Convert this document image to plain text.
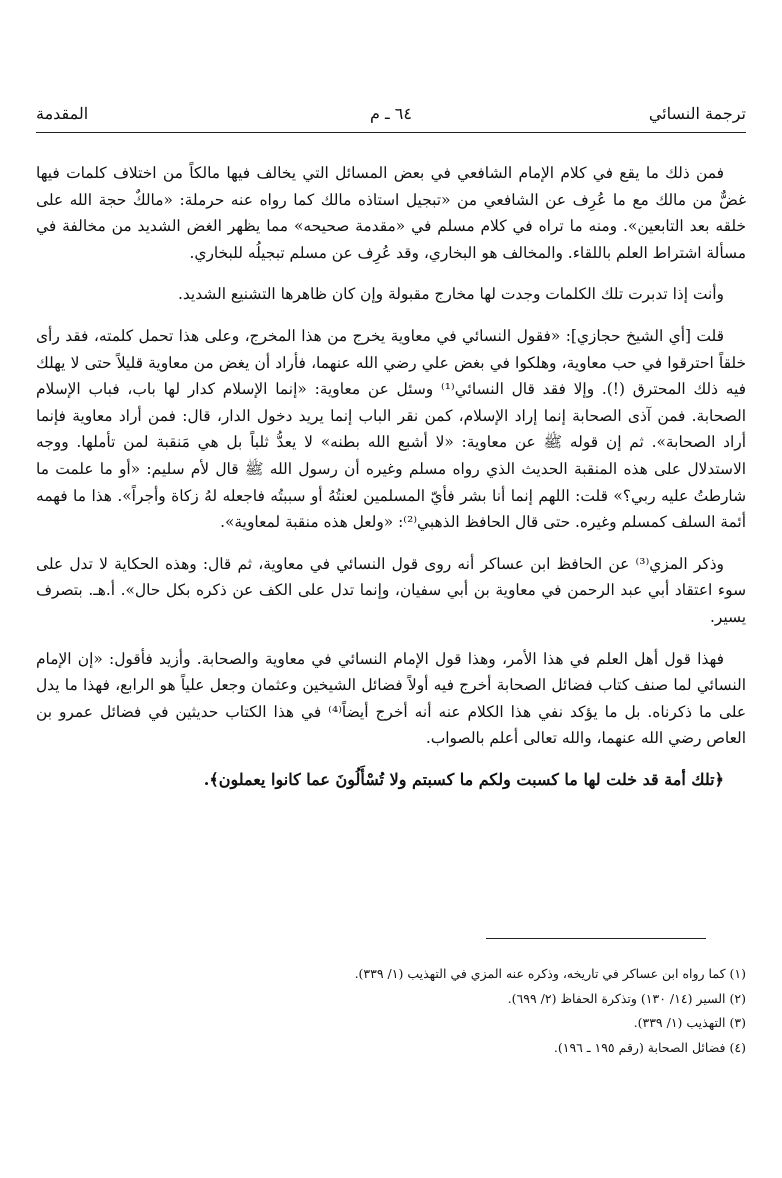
ترجمة النسائي
٦٤ ـ م
المقدمة

فمن ذلك ما يقع في كلام الإمام الشافعي في بعض المسائل التي يخالف فيها مالكاً من اختلاف كلمات فيها غضٌّ من مالك مع ما عُرِف عن الشافعي من «تبجيل استاذه مالك كما رواه عنه حرملة: «مالكٌ حجة الله على خلقه بعد التابعين». ومنه ما تراه في كلام مسلم في «مقدمة صحيحه» مما يظهر الغض الشديد من مخالفة في مسألة اشتراط العلم باللقاء. والمخالف هو البخاري، وقد عُرِف عن مسلم تبجيلُه للبخاري.

وأنت إذا تدبرت تلك الكلمات وجدت لها مخارج مقبولة وإن كان ظاهرها التشنيع الشديد.

قلت [أي الشيخ حجازي]: «فقول النسائي في معاوية يخرج من هذا المخرج، وعلى هذا تحمل كلمته، فقد رأى خلقاً احترقوا في حب معاوية، وهلكوا في بغض علي رضي الله عنهما، فأراد أن يغض من معاوية قليلاً حتى لا يهلك فيه ذلك المحترق (!). وإلا فقد قال النسائي⁽¹⁾ وسئل عن معاوية: «إنما الإسلام كدار لها باب، فباب الإسلام الصحابة. فمن آذى الصحابة إنما إراد الإسلام، كمن نقر الباب إنما يريد دخول الدار، قال: فمن أراد معاوية فإنما أراد الصحابة». ثم إن قوله ﷺ عن معاوية: «لا أشبع الله بطنه» لا يعدُّ ثلباً بل هي مَنقبة لمن تأملها. ووجه الاستدلال على هذه المنقبة الحديث الذي رواه مسلم وغيره أن رسول الله ﷺ قال لأم سليم: «أو ما علمت ما شارطتُ عليه ربي؟» قلت: اللهم إنما أنا بشر فأيّ المسلمين لعنتُهُ أو سببتُه فاجعله لهُ زكاة وأجراً». هذا ما فهمه أئمة السلف كمسلم وغيره. حتى قال الحافظ الذهبي⁽²⁾: «ولعل هذه منقبة لمعاوية».

وذكر المزي⁽³⁾ عن الحافظ ابن عساكر أنه روى قول النسائي في معاوية، ثم قال: وهذه الحكاية لا تدل على سوء اعتقاد أبي عبد الرحمن في معاوية بن أبي سفيان، وإنما تدل على الكف عن ذكره بكل حال». أ.هـ. بتصرف يسير.

فهذا قول أهل العلم في هذا الأمر، وهذا قول الإمام النسائي في معاوية والصحابة. وأزيد فأقول: «إن الإمام النسائي لما صنف كتاب فضائل الصحابة أخرج فيه أولاً فضائل الشيخين وعثمان وجعل علياً هو الرابع، فهذا ما يدل على ما ذكرناه. بل ما يؤكد نفي هذا الكلام عنه أنه أخرج أيضاً⁽⁴⁾ في هذا الكتاب حديثين في فضائل عمرو بن العاص رضي الله عنهما، والله تعالى أعلم بالصواب.

﴿تلك أمة قد خلت لها ما كسبت ولكم ما كسبتم ولا تُسْأَلُونَ عما كانوا يعملون﴾.

(١) كما رواه ابن عساكر في تاريخه، وذكره عنه المزي في التهذيب (١/ ٣٣٩).
(٢) السير (١٤/ ١٣٠) وتذكرة الحفاظ (٢/ ٦٩٩).
(٣) التهذيب (١/ ٣٣٩).
(٤) فضائل الصحابة (رقم ١٩٥ ـ ١٩٦).
